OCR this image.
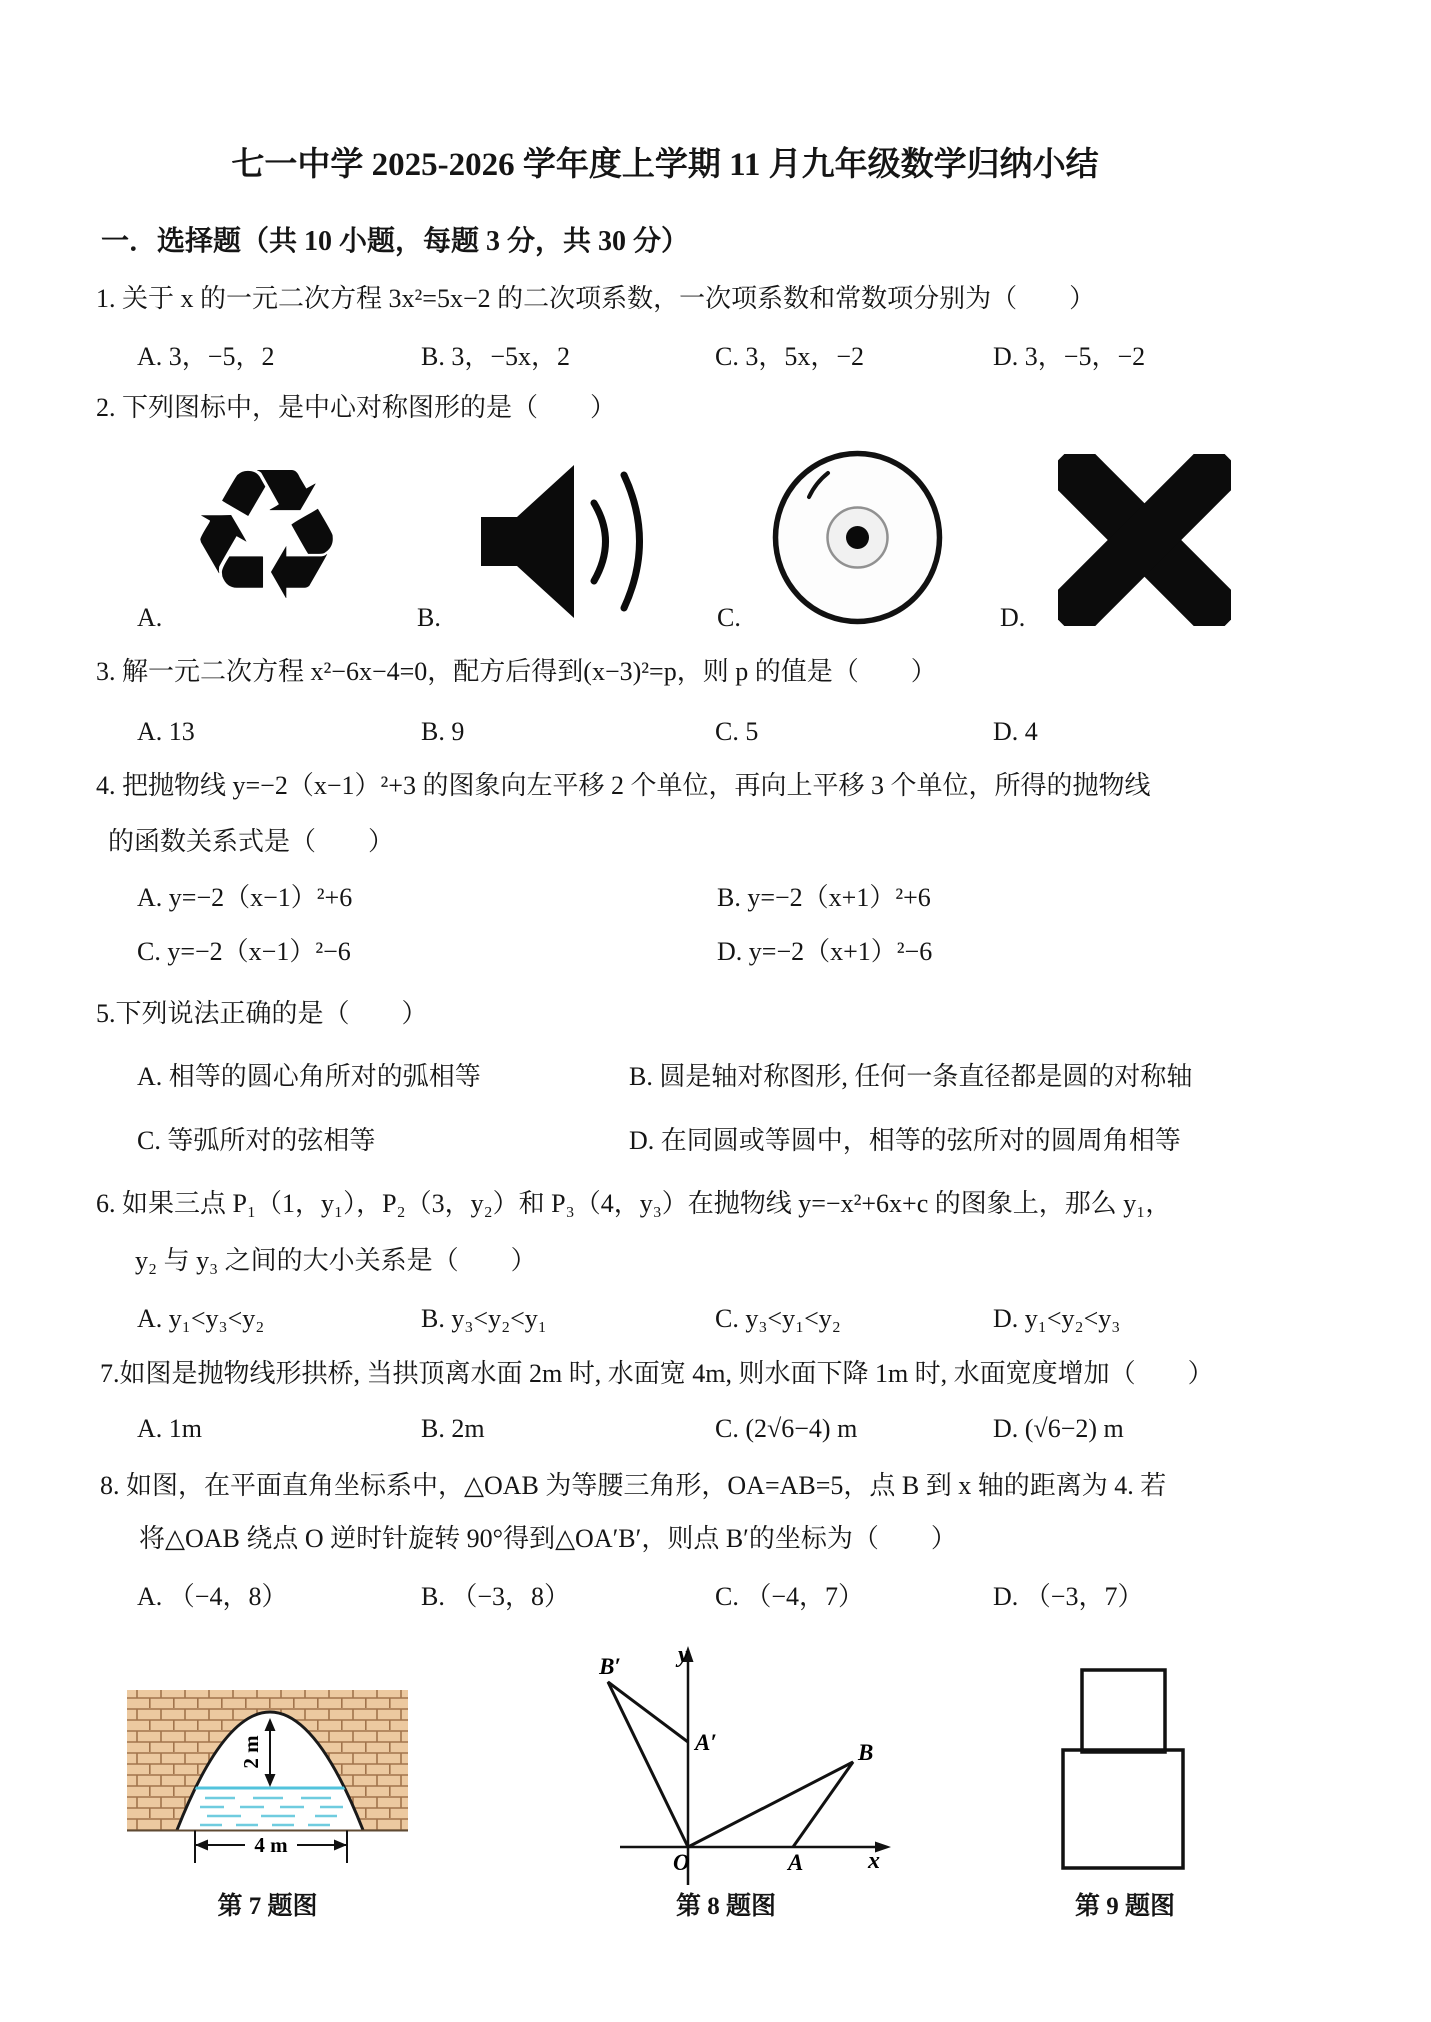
七一中学 2025-2026 学年度上学期 11 月九年级数学归纳小结
一．选择题（共 10 小题，每题 3 分，共 30 分）
1. 关于 x 的一元二次方程 3x²=5x−2 的二次项系数，一次项系数和常数项分别为（　　）
A. 3，−5，2	B. 3，−5x，2	C. 3，5x，−2	D. 3，−5，−2
2. 下列图标中，是中心对称图形的是（　　）
♻
A.	B.	C.	D.
3. 解一元二次方程 x²−6x−4=0，配方后得到(x−3)²=p，则 p 的值是（　　）
A. 13	B. 9	C. 5	D. 4
4. 把抛物线 y=−2（x−1）²+3 的图象向左平移 2 个单位，再向上平移 3 个单位，所得的抛物线
的函数关系式是（　　）
A. y=−2（x−1）²+6	B. y=−2（x+1）²+6
C. y=−2（x−1）²−6	D. y=−2（x+1）²−6
5.下列说法正确的是（　　）
A. 相等的圆心角所对的弧相等	B. 圆是轴对称图形, 任何一条直径都是圆的对称轴
C. 等弧所对的弦相等	D. 在同圆或等圆中，相等的弦所对的圆周角相等
6. 如果三点 P₁（1，y₁），P₂（3，y₂）和 P₃（4，y₃）在抛物线 y=−x²+6x+c 的图象上，那么 y₁，
y₂ 与 y₃ 之间的大小关系是（　　）
A. y₁<y₃<y₂	B. y₃<y₂<y₁	C. y₃<y₁<y₂	D. y₁<y₂<y₃
7.如图是抛物线形拱桥, 当拱顶离水面 2m 时, 水面宽 4m, 则水面下降 1m 时, 水面宽度增加（　　）
A. 1m	B. 2m	C. (2√6−4) m	D. (√6−2) m
8. 如图，在平面直角坐标系中，△OAB 为等腰三角形，OA=AB=5，点 B 到 x 轴的距离为 4. 若
将△OAB 绕点 O 逆时针旋转 90°得到△OA′B′，则点 B′的坐标为（　　）
A. （−4，8）	B. （−3，8）	C. （−4，7）	D. （−3，7）
2 m
4 m
O
y
x
A
B
A′
B′
第 7 题图	第 8 题图	第 9 题图
